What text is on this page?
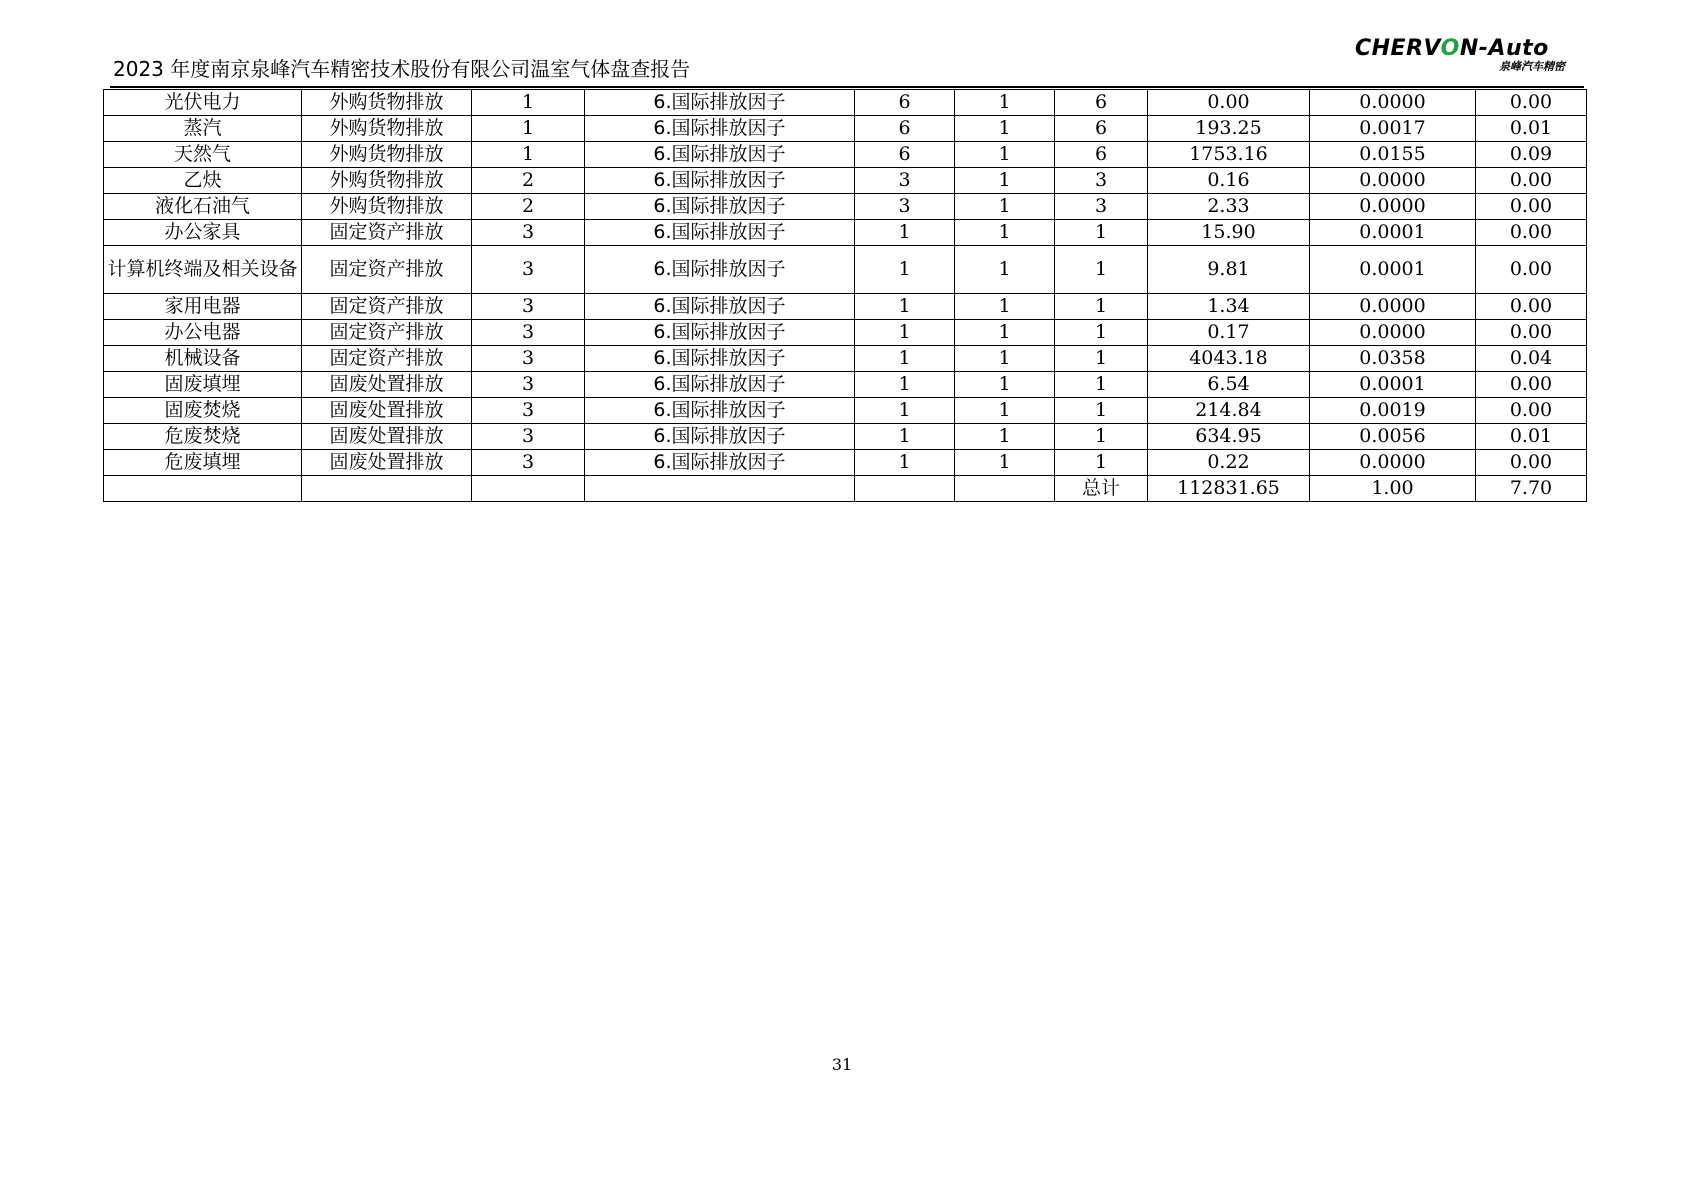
2023 年度南京泉峰汽车精密技术股份有限公司温室气体盘查报告
CHERVON-Auto
泉峰汽车精密
光伏电力	外购货物排放	1	6.国际排放因子	6	1	6	0.00	0.0000	0.00
蒸汽	外购货物排放	1	6.国际排放因子	6	1	6	193.25	0.0017	0.01
天然气	外购货物排放	1	6.国际排放因子	6	1	6	1753.16	0.0155	0.09
乙炔	外购货物排放	2	6.国际排放因子	3	1	3	0.16	0.0000	0.00
液化石油气	外购货物排放	2	6.国际排放因子	3	1	3	2.33	0.0000	0.00
办公家具	固定资产排放	3	6.国际排放因子	1	1	1	15.90	0.0001	0.00
计算机终端及相关设备	固定资产排放	3	6.国际排放因子	1	1	1	9.81	0.0001	0.00
家用电器	固定资产排放	3	6.国际排放因子	1	1	1	1.34	0.0000	0.00
办公电器	固定资产排放	3	6.国际排放因子	1	1	1	0.17	0.0000	0.00
机械设备	固定资产排放	3	6.国际排放因子	1	1	1	4043.18	0.0358	0.04
固废填埋	固废处置排放	3	6.国际排放因子	1	1	1	6.54	0.0001	0.00
固废焚烧	固废处置排放	3	6.国际排放因子	1	1	1	214.84	0.0019	0.00
危废焚烧	固废处置排放	3	6.国际排放因子	1	1	1	634.95	0.0056	0.01
危废填埋	固废处置排放	3	6.国际排放因子	1	1	1	0.22	0.0000	0.00
						总计	112831.65	1.00	7.70
31
